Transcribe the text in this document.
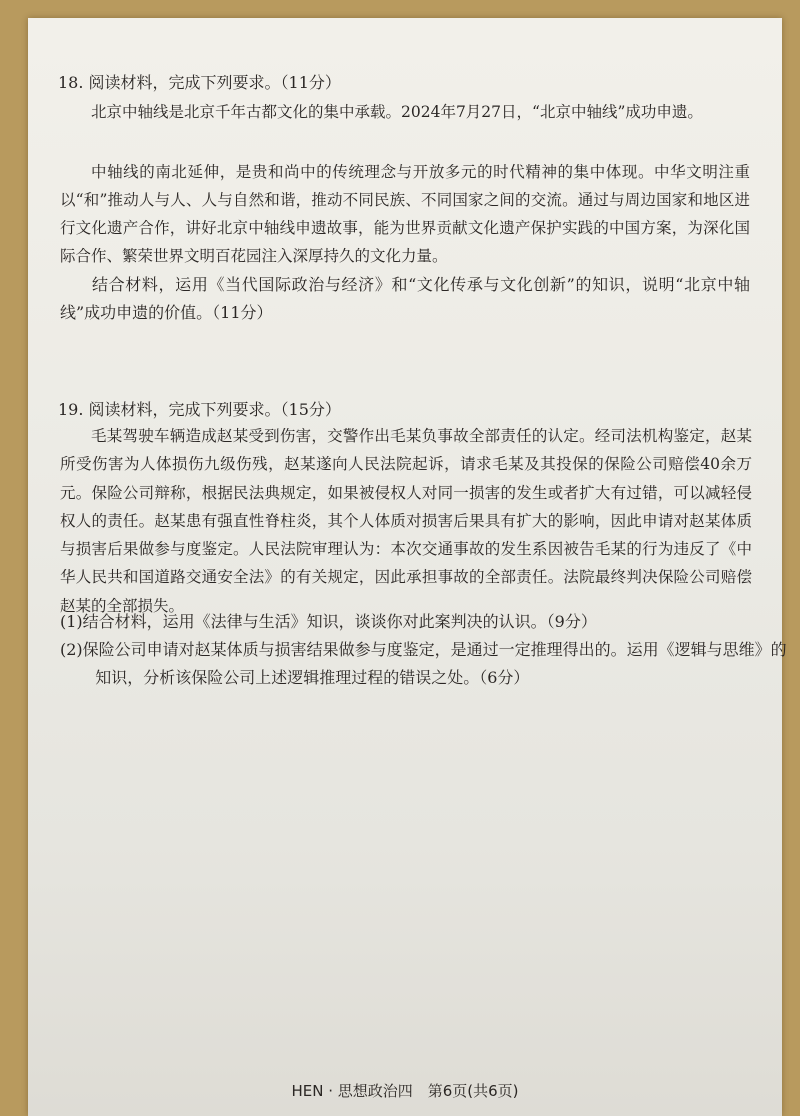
18. 阅读材料，完成下列要求。（11分）
北京中轴线是北京千年古都文化的集中承载。2024年7月27日，“北京中轴线”成功申遗。
中轴线的南北延伸，是贵和尚中的传统理念与开放多元的时代精神的集中体现。中华文明注重以“和”推动人与人、人与自然和谐，推动不同民族、不同国家之间的交流。通过与周边国家和地区进行文化遗产合作，讲好北京中轴线申遗故事，能为世界贡献文化遗产保护实践的中国方案，为深化国际合作、繁荣世界文明百花园注入深厚持久的文化力量。
结合材料，运用《当代国际政治与经济》和“文化传承与文化创新”的知识，说明“北京中轴线”成功申遗的价值。（11分）
19. 阅读材料，完成下列要求。（15分）
毛某驾驶车辆造成赵某受到伤害，交警作出毛某负事故全部责任的认定。经司法机构鉴定，赵某所受伤害为人体损伤九级伤残，赵某遂向人民法院起诉，请求毛某及其投保的保险公司赔偿40余万元。保险公司辩称，根据民法典规定，如果被侵权人对同一损害的发生或者扩大有过错，可以减轻侵权人的责任。赵某患有强直性脊柱炎，其个人体质对损害后果具有扩大的影响，因此申请对赵某体质与损害后果做参与度鉴定。人民法院审理认为：本次交通事故的发生系因被告毛某的行为违反了《中华人民共和国道路交通安全法》的有关规定，因此承担事故的全部责任。法院最终判决保险公司赔偿赵某的全部损失。
(1)结合材料，运用《法律与生活》知识，谈谈你对此案判决的认识。（9分）
(2)保险公司申请对赵某体质与损害结果做参与度鉴定，是通过一定推理得出的。运用《逻辑与思维》的知识，分析该保险公司上述逻辑推理过程的错误之处。（6分）
HEN · 思想政治四　第6页(共6页)
